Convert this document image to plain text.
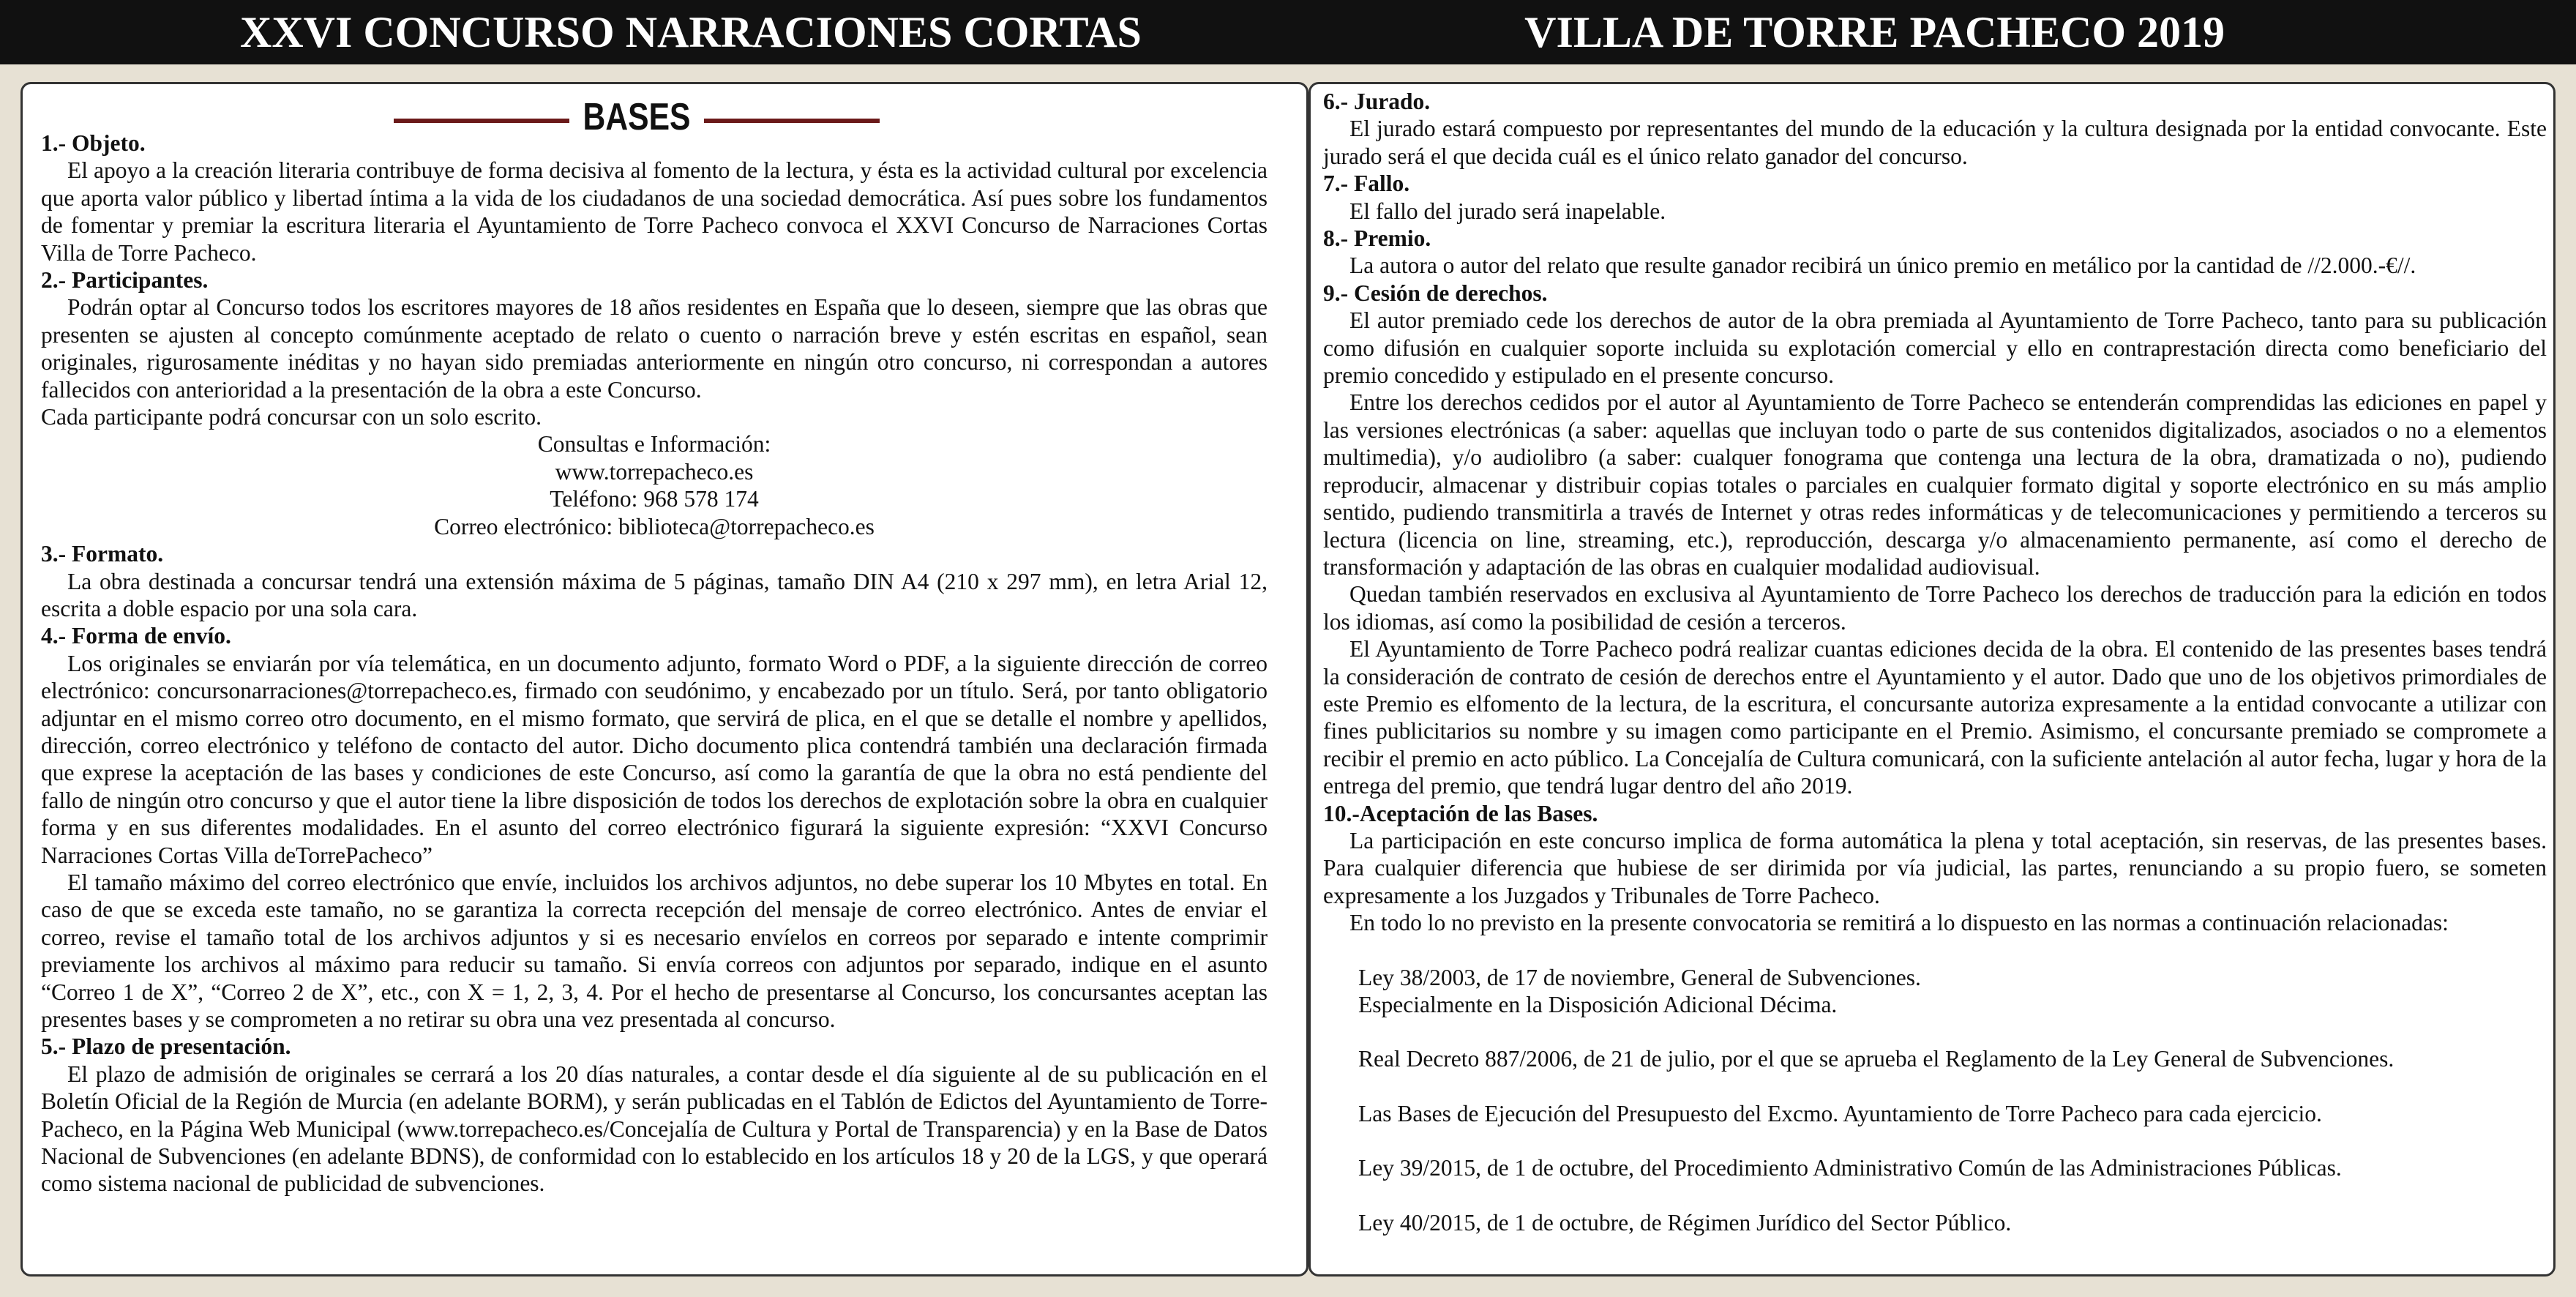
XXVI CONCURSO NARRACIONES CORTAS	VILLA DE TORRE PACHECO 2019
BASES
1.- Objeto.

El apoyo a la creación literaria contribuye de forma decisiva al fomento de la lectura, y ésta es la actividad cultural por excelencia que aporta valor público y libertad íntima a la vida de los ciudadanos de una sociedad democrática. Así pues sobre los fundamentos de fomentar y premiar la escritura literaria el Ayuntamiento de Torre Pacheco convoca el XXVI Concurso de Narraciones Cortas Villa de Torre Pacheco.

2.- Participantes.

Podrán optar al Concurso todos los escritores mayores de 18 años residentes en España que lo deseen, siempre que las obras que presenten se ajusten al concepto comúnmente aceptado de relato o cuento o narración breve y estén escritas en español, sean originales, rigurosamente inéditas y no hayan sido premiadas anteriormente en ningún otro concurso, ni correspondan a autores fallecidos con anterioridad a la presentación de la obra a este Concurso.

Cada participante podrá concursar con un solo escrito.

Consultas e Información:
www.torrepacheco.es
Teléfono: 968 578 174
Correo electrónico: biblioteca@torrepacheco.es
3.- Formato.

La obra destinada a concursar tendrá una extensión máxima de 5 páginas, tamaño DIN A4 (210 x 297 mm), en letra Arial 12, escrita a doble espacio por una sola cara.

4.- Forma de envío.

Los originales se enviarán por vía telemática, en un documento adjunto, formato Word o PDF, a la siguiente dirección de correo electrónico: concursonarraciones@torrepacheco.es, firmado con seudónimo, y encabezado por un título. Será, por tanto obligatorio adjuntar en el mismo correo otro documento, en el mismo formato, que servirá de plica, en el que se detalle el nombre y apellidos, dirección, correo electrónico y teléfono de contacto del autor. Dicho documento plica contendrá también una declaración firmada que exprese la aceptación de las bases y condiciones de este Concurso, así como la garantía de que la obra no está pendiente del fallo de ningún otro concurso y que el autor tiene la libre disposición de todos los derechos de explotación sobre la obra en cualquier forma y en sus diferentes modalidades. En el asunto del correo electrónico figurará la siguiente expresión: “XXVI Concurso Narraciones Cortas Villa deTorrePacheco”

El tamaño máximo del correo electrónico que envíe, incluidos los archivos adjuntos, no debe superar los 10 Mbytes en total. En caso de que se exceda este tamaño, no se garantiza la correcta recepción del mensaje de correo electrónico. Antes de enviar el correo, revise el tamaño total de los archivos adjuntos y si es necesario envíelos en correos por separado e intente comprimir previamente los archivos al máximo para reducir su tamaño. Si envía correos con adjuntos por separado, indique en el asunto “Correo 1 de X”, “Correo 2 de X”, etc., con X = 1, 2, 3, 4. Por el hecho de presentarse al Concurso, los concursantes aceptan las presentes bases y se comprometen a no retirar su obra una vez presentada al concurso.

5.- Plazo de presentación.

El plazo de admisión de originales se cerrará a los 20 días naturales, a contar desde el día siguiente al de su publicación en el Boletín Oficial de la Región de Murcia (en adelante BORM), y serán publicadas en el Tablón de Edictos del Ayuntamiento de Torre-Pacheco, en la Página Web Municipal (www.torrepacheco.es/Concejalía de Cultura y Portal de Transparencia) y en la Base de Datos Nacional de Subvenciones (en adelante BDNS), de conformidad con lo establecido en los artículos 18 y 20 de la LGS, y que operará como sistema nacional de publicidad de subvenciones.

6.- Jurado.

El jurado estará compuesto por representantes del mundo de la educación y la cultura designada por la entidad convocante. Este jurado será el que decida cuál es el único relato ganador del concurso.

7.- Fallo.

El fallo del jurado será inapelable.

8.- Premio.

La autora o autor del relato que resulte ganador recibirá un único premio en metálico por la cantidad de //2.000.-€//.

9.- Cesión de derechos.

El autor premiado cede los derechos de autor de la obra premiada al Ayuntamiento de Torre Pacheco, tanto para su publicación como difusión en cualquier soporte incluida su explotación comercial y ello en contraprestación directa como beneficiario del premio concedido y estipulado en el presente concurso.

Entre los derechos cedidos por el autor al Ayuntamiento de Torre Pacheco se entenderán comprendidas las ediciones en papel y las versiones electrónicas (a saber: aquellas que incluyan todo o parte de sus contenidos digitalizados, asociados o no a elementos multimedia), y/o audiolibro (a saber: cualquer fonograma que contenga una lectura de la obra, dramatizada o no), pudiendo reproducir, almacenar y distribuir copias totales o parciales en cualquier formato digital y soporte electrónico en su más amplio sentido, pudiendo transmitirla a través de Internet y otras redes informáticas y de telecomunicaciones y permitiendo a terceros su lectura (licencia on line, streaming, etc.), reproducción, descarga y/o almacenamiento permanente, así como el derecho de transformación y adaptación de las obras en cualquier modalidad audiovisual.

Quedan también reservados en exclusiva al Ayuntamiento de Torre Pacheco los derechos de traducción para la edición en todos los idiomas, así como la posibilidad de cesión a terceros.

El Ayuntamiento de Torre Pacheco podrá realizar cuantas ediciones decida de la obra. El contenido de las presentes bases tendrá la consideración de contrato de cesión de derechos entre el Ayuntamiento y el autor. Dado que uno de los objetivos primordiales de este Premio es elfomento de la lectura, de la escritura, el concursante autoriza expresamente a la entidad convocante a utilizar con fines publicitarios su nombre y su imagen como participante en el Premio. Asimismo, el concursante premiado se compromete a recibir el premio en acto público. La Concejalía de Cultura comunicará, con la suficiente antelación al autor fecha, lugar y hora de la entrega del premio, que tendrá lugar dentro del año 2019.

10.-Aceptación de las Bases.

La participación en este concurso implica de forma automática la plena y total aceptación, sin reservas, de las presentes bases. Para cualquier diferencia que hubiese de ser dirimida por vía judicial, las partes, renunciando a su propio fuero, se someten expresamente a los Juzgados y Tribunales de Torre Pacheco.

En todo lo no previsto en la presente convocatoria se remitirá a lo dispuesto en las normas a continuación relacionadas:

Ley 38/2003, de 17 de noviembre, General de Subvenciones.
Especialmente en la Disposición Adicional Décima.
Real Decreto 887/2006, de 21 de julio, por el que se aprueba el Reglamento de la Ley General de Subvenciones.
Las Bases de Ejecución del Presupuesto del Excmo. Ayuntamiento de Torre Pacheco para cada ejercicio.
Ley 39/2015, de 1 de octubre, del Procedimiento Administrativo Común de las Administraciones Públicas.
Ley 40/2015, de 1 de octubre, de Régimen Jurídico del Sector Público.
